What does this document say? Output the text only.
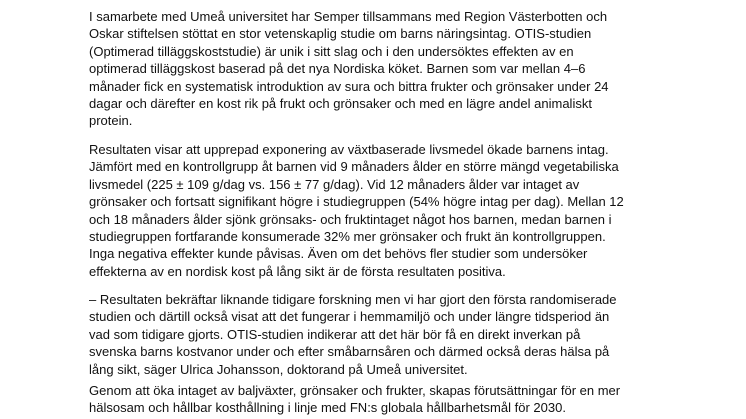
I samarbete med Umeå universitet har Semper tillsammans med Region Västerbotten och
Oskar stiftelsen stöttat en stor vetenskaplig studie om barns näringsintag. OTIS-studien
(Optimerad tilläggskoststudie) är unik i sitt slag och i den undersöktes effekten av en
optimerad tilläggskost baserad på det nya Nordiska köket. Barnen som var mellan 4–6
månader fick en systematisk introduktion av sura och bittra frukter och grönsaker under 24
dagar och därefter en kost rik på frukt och grönsaker och med en lägre andel animaliskt
protein.

Resultaten visar att upprepad exponering av växtbaserade livsmedel ökade barnens intag.
Jämfört med en kontrollgrupp åt barnen vid 9 månaders ålder en större mängd vegetabiliska
livsmedel (225 ± 109 g/dag vs. 156 ± 77 g/dag). Vid 12 månaders ålder var intaget av
grönsaker och fortsatt signifikant högre i studiegruppen (54% högre intag per dag). Mellan 12
och 18 månaders ålder sjönk grönsaks- och fruktintaget något hos barnen, medan barnen i
studiegruppen fortfarande konsumerade 32% mer grönsaker och frukt än kontrollgruppen.
Inga negativa effekter kunde påvisas. Även om det behövs fler studier som undersöker
effekterna av en nordisk kost på lång sikt är de första resultaten positiva.

– Resultaten bekräftar liknande tidigare forskning men vi har gjort den första randomiserade
studien och därtill också visat att det fungerar i hemmamiljö och under längre tidsperiod än
vad som tidigare gjorts. OTIS-studien indikerar att det här bör få en direkt inverkan på
svenska barns kostvanor under och efter småbarnsåren och därmed också deras hälsa på
lång sikt, säger Ulrica Johansson, doktorand på Umeå universitet.

Genom att öka intaget av baljväxter, grönsaker och frukter, skapas förutsättningar för en mer
hälsosam och hållbar kosthållning i linje med FN:s globala hållbarhetsmål för 2030.
